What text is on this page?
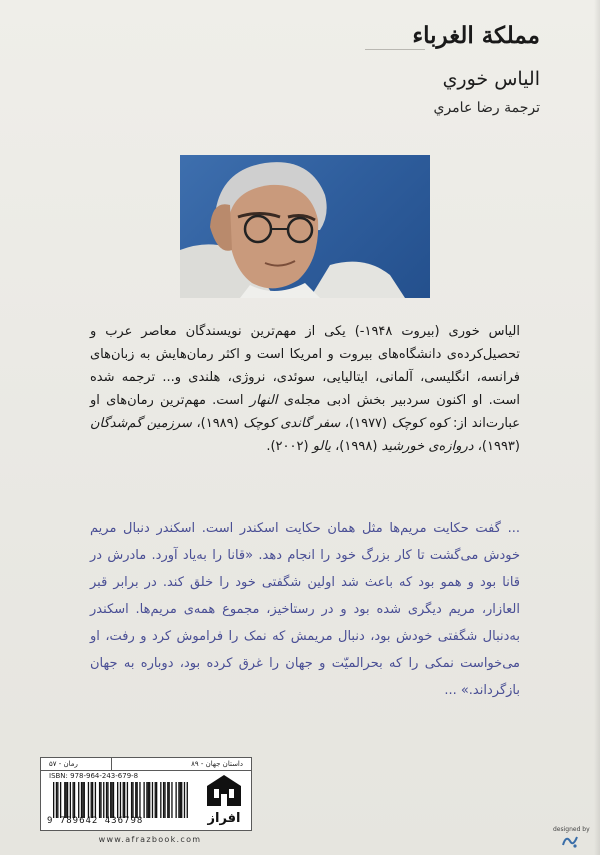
مملكة الغرباء
الياس خوري
ترجمة رضا عامري
الياس خوری (بیروت ۱۹۴۸-) یکی از مهم‌ترین نویسندگان معاصر عرب و تحصیل‌کرده‌ی دانشگاه‌های بیروت و امریکا است و اکثر رمان‌هایش به زبان‌های فرانسه، انگلیسی، آلمانی، ایتالیایی، سوئدی، نروژی، هلندی و... ترجمه شده است. او اکنون سردبیر بخش ادبی مجله‌ی النهار است. مهم‌ترین رمان‌های او عبارت‌اند از: کوه کوچک (۱۹۷۷)، سفر گاندی کوچک (۱۹۸۹)، سرزمین گم‌شدگان (۱۹۹۳)، دروازه‌ی خورشید (۱۹۹۸)، یالو (۲۰۰۲).
... گفت حکایت مریم‌ها مثل همان حکایت اسکندر است. اسکندر دنبال مریم خودش می‌گشت تا کار بزرگ خود را انجام دهد. «قانا را به‌یاد آورد. مادرش در قانا بود و همو بود که باعث شد اولین شگفتی خود را خلق کند. در برابر قبر العازار، مریم دیگری شده بود و در رستاخیز، مجموع همه‌ی مریم‌ها. اسکندر به‌دنبال شگفتی خودش بود، دنبال مریمش که نمک را فراموش کرد و رفت، او می‌خواست نمکی را که بحرالمیّت و جهان را غرق کرده بود، دوباره به جهان بازگرداند.» ...
داستان جهان - ۸۹
رمان - ۵۷
ISBN: 978-964-243-679-8
9 789642 436798	افراز
www.afrazbook.com
designed by
